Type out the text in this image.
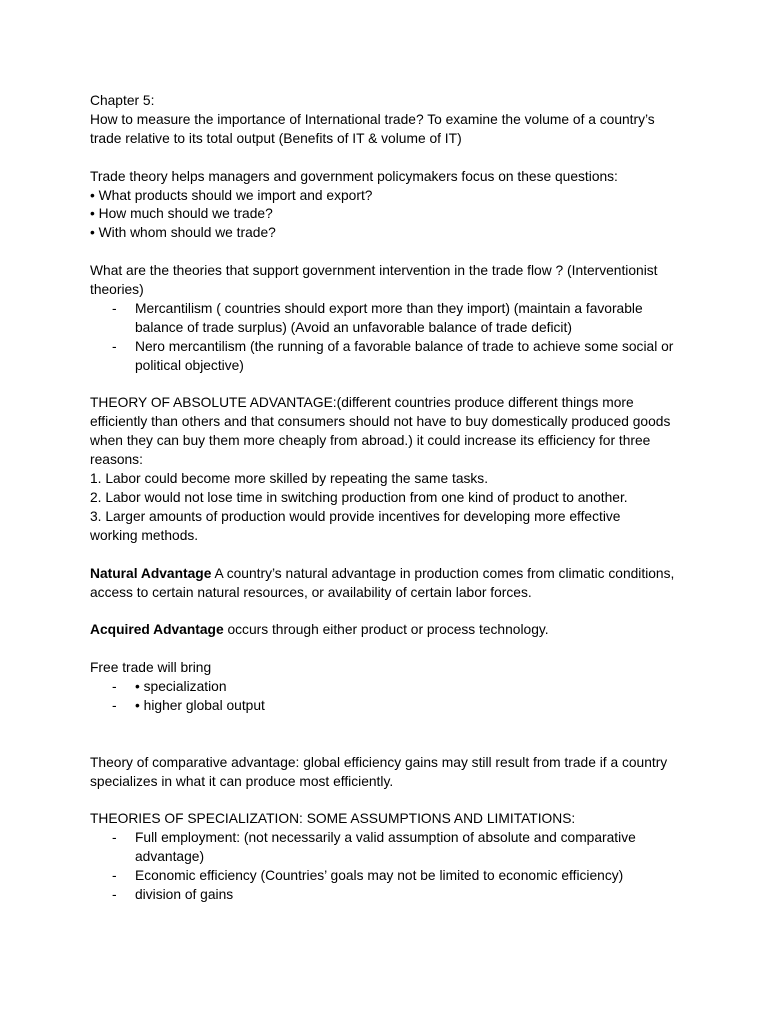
Chapter 5:
How to measure the importance of International trade? To examine the volume of a country’s
trade relative to its total output (Benefits of IT & volume of IT)
Trade theory helps managers and government policymakers focus on these questions:
• What products should we import and export?
• How much should we trade?
• With whom should we trade?
What are the theories that support government intervention in the trade flow ? (Interventionist
theories)
- Mercantilism ( countries should export more than they import) (maintain a favorable
balance of trade surplus) (Avoid an unfavorable balance of trade deficit)
- Nero mercantilism (the running of a favorable balance of trade to achieve some social or
political objective)
THEORY OF ABSOLUTE ADVANTAGE:(different countries produce different things more
efficiently than others and that consumers should not have to buy domestically produced goods
when they can buy them more cheaply from abroad.) it could increase its efficiency for three
reasons:
1. Labor could become more skilled by repeating the same tasks.
2. Labor would not lose time in switching production from one kind of product to another.
3. Larger amounts of production would provide incentives for developing more effective
working methods.
Natural Advantage A country’s natural advantage in production comes from climatic conditions,
access to certain natural resources, or availability of certain labor forces.
Acquired Advantage occurs through either product or process technology.
Free trade will bring
- • specialization
- • higher global output
Theory of comparative advantage: global efficiency gains may still result from trade if a country
specializes in what it can produce most efficiently.
THEORIES OF SPECIALIZATION: SOME ASSUMPTIONS AND LIMITATIONS:
- Full employment: (not necessarily a valid assumption of absolute and comparative
advantage)
- Economic efficiency (Countries’ goals may not be limited to economic efficiency)
- division of gains
